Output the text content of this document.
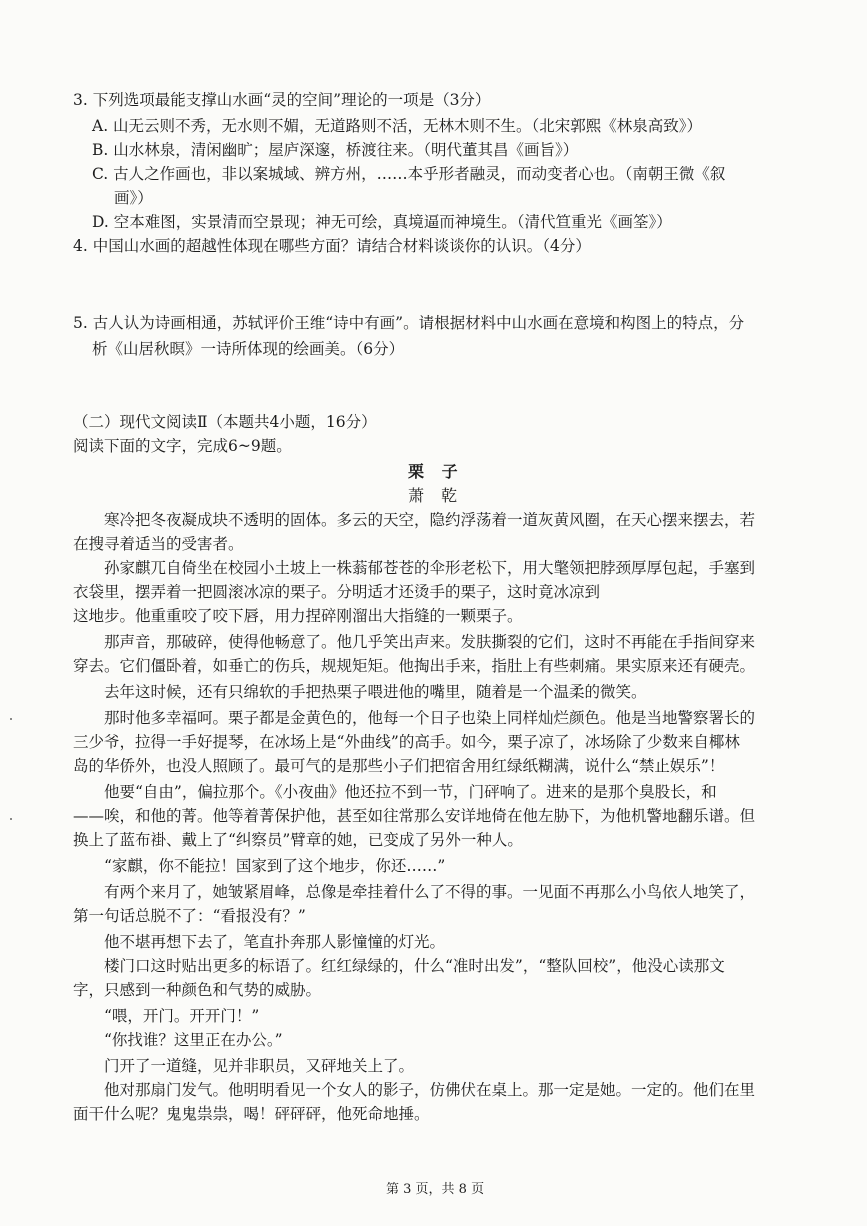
3. 下列选项最能支撑山水画“灵的空间”理论的一项是（3分）
A. 山无云则不秀，无水则不媚，无道路则不活，无林木则不生。（北宋郭熙《林泉高致》）
B. 山水林泉，清闲幽旷；屋庐深邃，桥渡往来。（明代董其昌《画旨》）
C. 古人之作画也，非以案城域、辨方州，……本乎形者融灵，而动变者心也。（南朝王微《叙
画》）
D. 空本难图，实景清而空景现；神无可绘，真境逼而神境生。（清代笪重光《画筌》）
4. 中国山水画的超越性体现在哪些方面？请结合材料谈谈你的认识。（4分）
5. 古人认为诗画相通，苏轼评价王维“诗中有画”。请根据材料中山水画在意境和构图上的特点，分
析《山居秋暝》一诗所体现的绘画美。（6分）
（二）现代文阅读Ⅱ（本题共4小题，16分）
阅读下面的文字，完成6~9题。
栗 子
萧 乾
寒冷把冬夜凝成块不透明的固体。多云的天空，隐约浮荡着一道灰黄风圈，在天心摆来摆去，若
在搜寻着适当的受害者。
孙家麒兀自倚坐在校园小土坡上一株蓊郁苍苍的伞形老松下，用大氅领把脖颈厚厚包起，手塞到
衣袋里，摆弄着一把圆滚冰凉的栗子。分明适才还烫手的栗子，这时竟冰凉到
这地步。他重重咬了咬下唇，用力捏碎刚溜出大指缝的一颗栗子。
那声音，那破碎，使得他畅意了。他几乎笑出声来。发肤撕裂的它们，这时不再能在手指间穿来
穿去。它们僵卧着，如垂亡的伤兵，规规矩矩。他掏出手来，指肚上有些刺痛。果实原来还有硬壳。
去年这时候，还有只绵软的手把热栗子喂进他的嘴里，随着是一个温柔的微笑。
那时他多幸福呵。栗子都是金黄色的，他每一个日子也染上同样灿烂颜色。他是当地警察署长的
三少爷，拉得一手好提琴，在冰场上是“外曲线”的高手。如今，栗子凉了，冰场除了少数来自椰林
岛的华侨外，也没人照顾了。最可气的是那些小子们把宿舍用红绿纸糊满，说什么“禁止娱乐”！
他要“自由”，偏拉那个。《小夜曲》他还拉不到一节，门砰响了。进来的是那个臭股长，和
——唉，和他的菁。他等着菁保护他，甚至如往常那么安详地倚在他左胁下，为他机警地翻乐谱。但
换上了蓝布褂、戴上了“纠察员”臂章的她，已变成了另外一种人。
“家麒，你不能拉！国家到了这个地步，你还……”
有两个来月了，她皱紧眉峰，总像是牵挂着什么了不得的事。一见面不再那么小鸟依人地笑了，
第一句话总脱不了：“看报没有？”
他不堪再想下去了，笔直扑奔那人影憧憧的灯光。
楼门口这时贴出更多的标语了。红红绿绿的，什么“准时出发”，“整队回校”，他没心读那文
字，只感到一种颜色和气势的威胁。
“喂，开门。开开门！”
“你找谁？这里正在办公。”
门开了一道缝，见并非职员，又砰地关上了。
他对那扇门发气。他明明看见一个女人的影子，仿佛伏在桌上。那一定是她。一定的。他们在里
面干什么呢？鬼鬼祟祟，喝！砰砰砰，他死命地捶。
第 3 页，共 8 页
